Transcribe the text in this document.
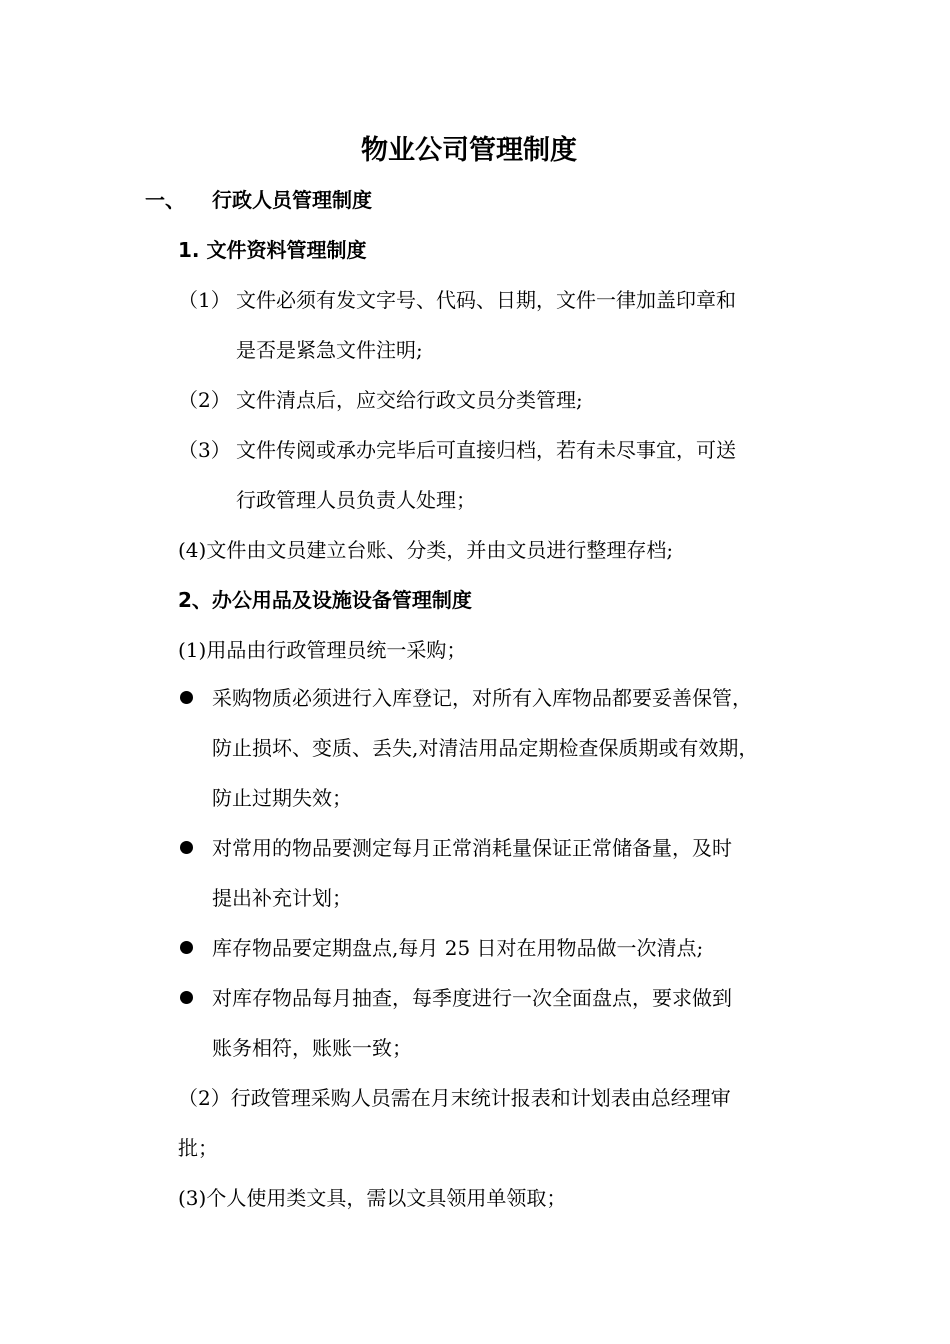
物业公司管理制度
一、 行政人员管理制度
1. 文件资料管理制度
（1） 文件必须有发文字号、代码、日期，文件一律加盖印章和
是否是紧急文件注明;
（2） 文件清点后，应交给行政文员分类管理;
（3） 文件传阅或承办完毕后可直接归档，若有未尽事宜，可送
行政管理人员负责人处理；
(4)文件由文员建立台账、分类，并由文员进行整理存档;
2、办公用品及设施设备管理制度
(1)用品由行政管理员统一采购；
采购物质必须进行入库登记，对所有入库物品都要妥善保管，
防止损坏、变质、丢失,对清洁用品定期检查保质期或有效期，
防止过期失效；
对常用的物品要测定每月正常消耗量保证正常储备量，及时
提出补充计划；
库存物品要定期盘点,每月 25 日对在用物品做一次清点;
对库存物品每月抽查，每季度进行一次全面盘点，要求做到
账务相符，账账一致；
（2）行政管理采购人员需在月末统计报表和计划表由总经理审
批；
(3)个人使用类文具，需以文具领用单领取；
